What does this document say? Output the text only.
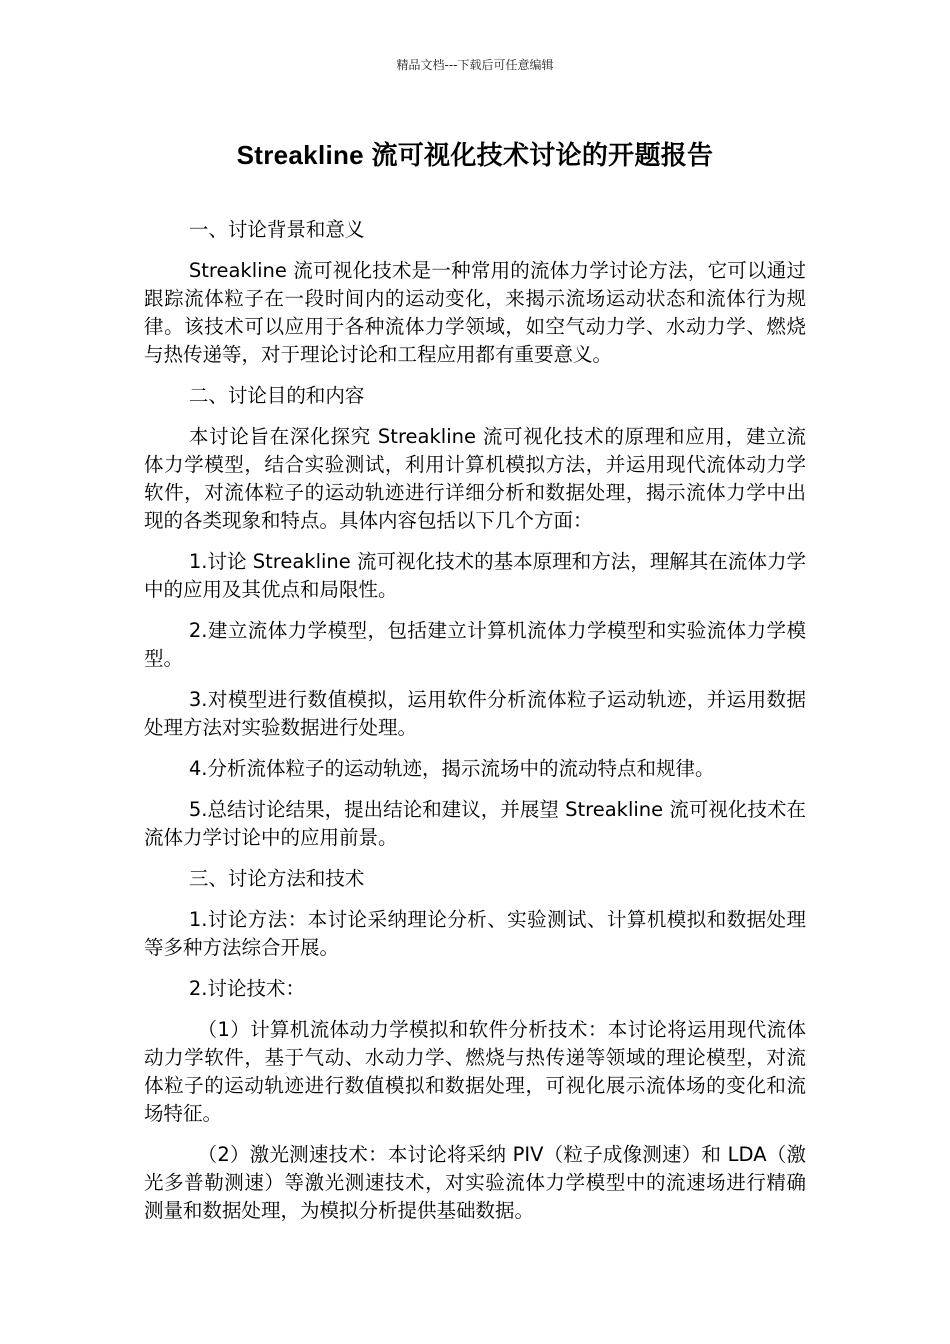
精品文档---下载后可任意编辑
Streakline 流可视化技术讨论的开题报告

一、讨论背景和意义

Streakline 流可视化技术是一种常用的流体力学讨论方法，它可以通过跟踪流体粒子在一段时间内的运动变化，来揭示流场运动状态和流体行为规律。该技术可以应用于各种流体力学领域，如空气动力学、水动力学、燃烧与热传递等，对于理论讨论和工程应用都有重要意义。

二、讨论目的和内容

本讨论旨在深化探究 Streakline 流可视化技术的原理和应用，建立流体力学模型，结合实验测试，利用计算机模拟方法，并运用现代流体动力学软件，对流体粒子的运动轨迹进行详细分析和数据处理，揭示流体力学中出现的各类现象和特点。具体内容包括以下几个方面：

1.讨论 Streakline 流可视化技术的基本原理和方法，理解其在流体力学中的应用及其优点和局限性。

2.建立流体力学模型，包括建立计算机流体力学模型和实验流体力学模型。

3.对模型进行数值模拟，运用软件分析流体粒子运动轨迹，并运用数据处理方法对实验数据进行处理。

4.分析流体粒子的运动轨迹，揭示流场中的流动特点和规律。

5.总结讨论结果，提出结论和建议，并展望 Streakline 流可视化技术在流体力学讨论中的应用前景。

三、讨论方法和技术

1.讨论方法：本讨论采纳理论分析、实验测试、计算机模拟和数据处理等多种方法综合开展。

2.讨论技术：

（1）计算机流体动力学模拟和软件分析技术：本讨论将运用现代流体动力学软件，基于气动、水动力学、燃烧与热传递等领域的理论模型，对流体粒子的运动轨迹进行数值模拟和数据处理，可视化展示流体场的变化和流场特征。

（2）激光测速技术：本讨论将采纳 PIV（粒子成像测速）和 LDA（激光多普勒测速）等激光测速技术，对实验流体力学模型中的流速场进行精确测量和数据处理，为模拟分析提供基础数据。
